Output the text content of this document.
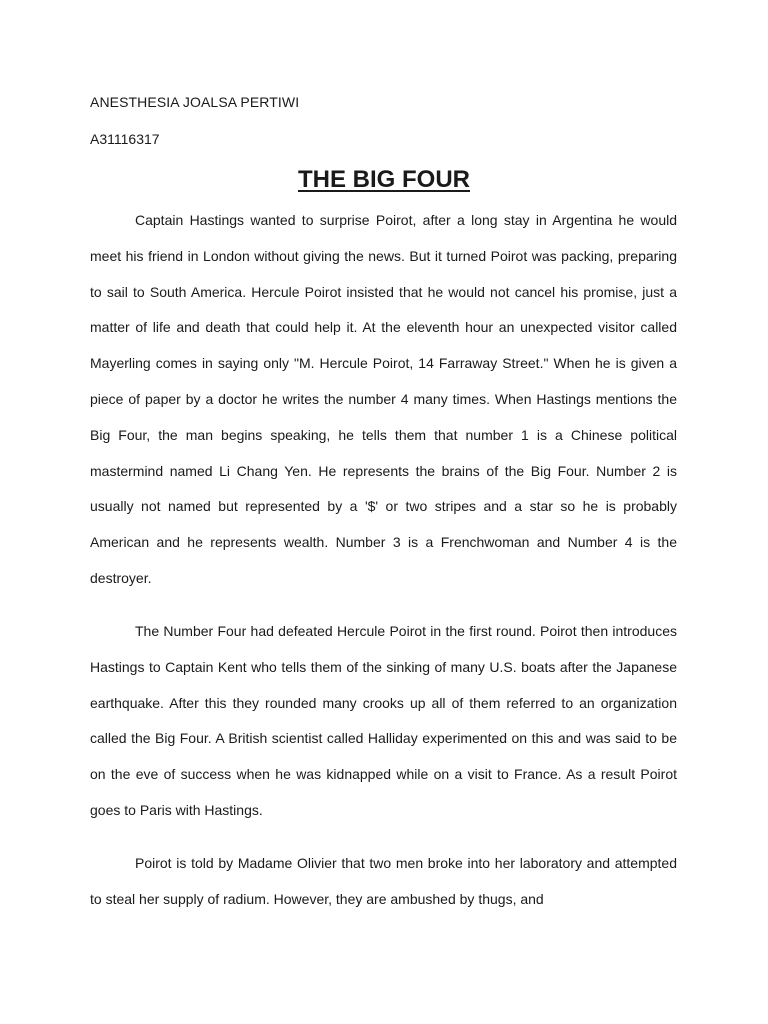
ANESTHESIA JOALSA PERTIWI
A31116317
THE BIG FOUR

Captain Hastings wanted to surprise Poirot, after a long stay in Argentina he would meet his friend in London without giving the news. But it turned Poirot was packing, preparing to sail to South America. Hercule Poirot insisted that he would not cancel his promise, just a matter of life and death that could help it. At the eleventh hour an unexpected visitor called Mayerling comes in saying only "M. Hercule Poirot, 14 Farraway Street." When he is given a piece of paper by a doctor he writes the number 4 many times. When Hastings mentions the Big Four, the man begins speaking, he tells them that number 1 is a Chinese political mastermind named Li Chang Yen. He represents the brains of the Big Four. Number 2 is usually not named but represented by a '$' or two stripes and a star so he is probably American and he represents wealth. Number 3 is a Frenchwoman and Number 4 is the destroyer.

The Number Four had defeated Hercule Poirot in the first round. Poirot then introduces Hastings to Captain Kent who tells them of the sinking of many U.S. boats after the Japanese earthquake. After this they rounded many crooks up all of them referred to an organization called the Big Four. A British scientist called Halliday experimented on this and was said to be on the eve of success when he was kidnapped while on a visit to France. As a result Poirot goes to Paris with Hastings.

Poirot is told by Madame Olivier that two men broke into her laboratory and attempted to steal her supply of radium. However, they are ambushed by thugs, and
